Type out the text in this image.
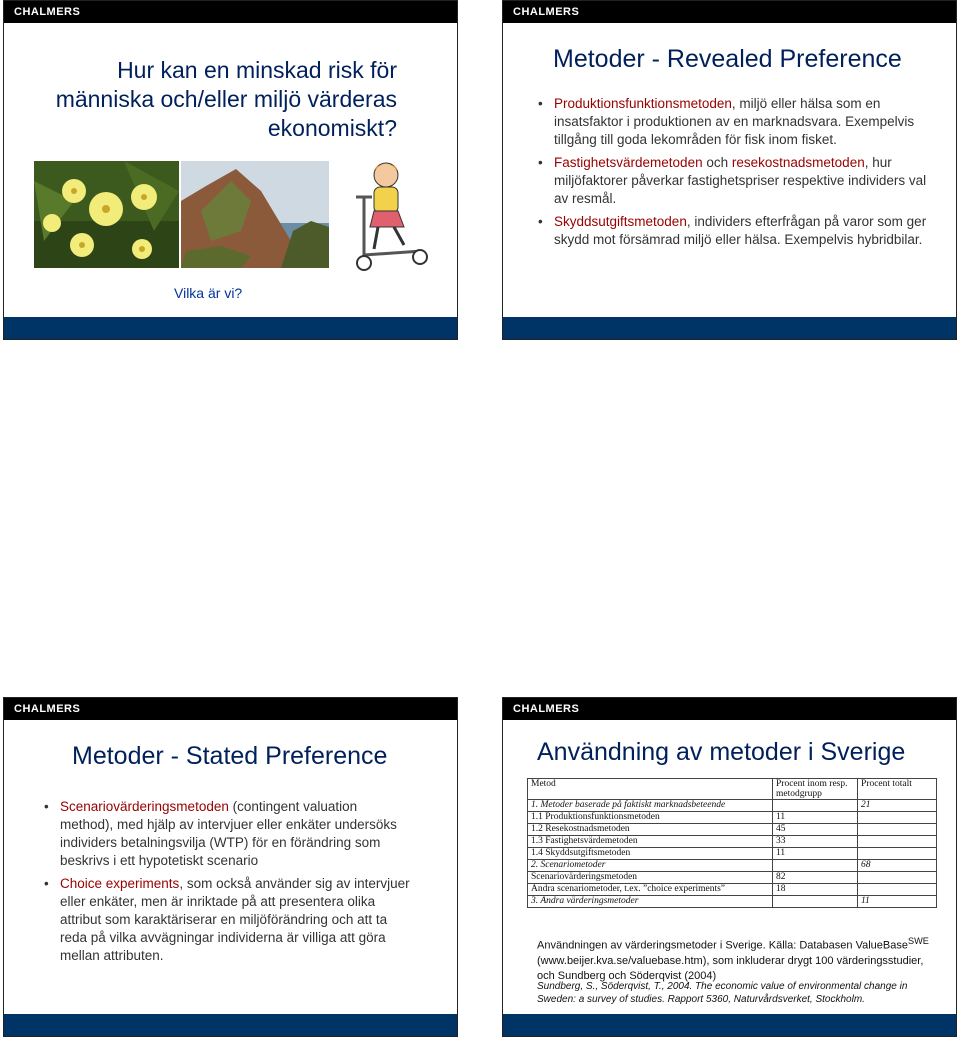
CHALMERS
Hur kan en minskad risk för människa och/eller miljö värderas ekonomiskt?
Vilka är vi?
CHALMERS
Metoder - Revealed Preference
• Produktionsfunktionsmetoden, miljö eller hälsa som en insatsfaktor i produktionen av en marknadsvara. Exempelvis tillgång till goda lekområden för fisk inom fisket.
• Fastighetsvärdemetoden och resekostnadsmetoden, hur miljöfaktorer påverkar fastighetspriser respektive individers val av resmål.
• Skyddsutgiftsmetoden, individers efterfrågan på varor som ger skydd mot försämrad miljö eller hälsa. Exempelvis hybridbilar.
CHALMERS
Metoder - Stated Preference
• Scenariovärderingsmetoden (contingent valuation method), med hjälp av intervjuer eller enkäter undersöks individers betalningsvilja (WTP) för en förändring som beskrivs i ett hypotetiskt scenario
• Choice experiments, som också använder sig av intervjuer eller enkäter, men är inriktade på att presentera olika attribut som karaktäriserar en miljöförändring och att ta reda på vilka avvägningar individerna är villiga att göra mellan attributen.
CHALMERS
Användning av metoder i Sverige
Metod	Procent inom resp. metodgrupp	Procent totalt
1. Metoder baserade på faktiskt marknadsbeteende		21
1.1 Produktionsfunktionsmetoden	11	
1.2 Resekostnadsmetoden	45	
1.3 Fastighetsvärdemetoden	33	
1.4 Skyddsutgiftsmetoden	11	
2. Scenariometoder		68
Scenariovärderingsmetoden	82	
Andra scenariometoder, t.ex. ”choice experiments”	18	
3. Andra värderingsmetoder		11
Användningen av värderingsmetoder i Sverige. Källa: Databasen ValueBase$^{SWE}$ (www.beijer.kva.se/valuebase.htm), som inkluderar drygt 100 värderingsstudier, och Sundberg och Söderqvist (2004)
Sundberg, S., Söderqvist, T., 2004. The economic value of environmental change in Sweden: a survey of studies. Rapport 5360, Naturvårdsverket, Stockholm.
